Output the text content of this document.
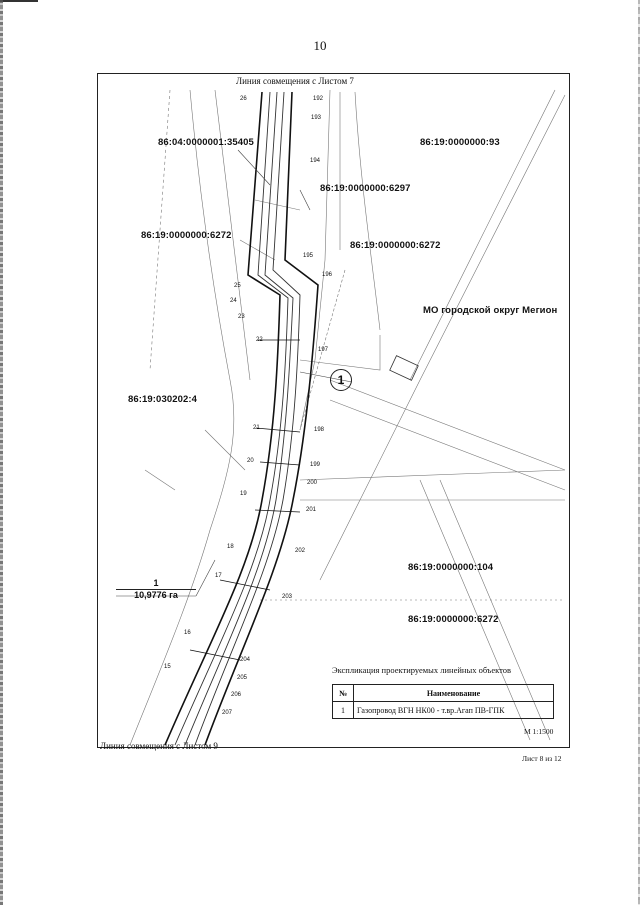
10
Линия совмещения с Листом 7
Линия совмещения с Листом 9
86:04:0000001:35405	86:19:0000000:93
86:19:0000000:6297
86:19:0000000:6272
86:19:0000000:6272
86:19:030202:4
86:19:0000000:104
86:19:0000000:6272
МО городской округ Мегион
1
1
10,9776 га
26
25
24
23
22
21
20
19
18
17
16
15
192
193
194
195
196
197
198
199
200
201
202
203
204
205
206
207
Экспликация проектируемых линейных объектов
№	Наименование
1	Газопровод ВГН НК00 - т.вр.Агап ПВ-ГПК
М 1:1500
Лист 8 из 12
